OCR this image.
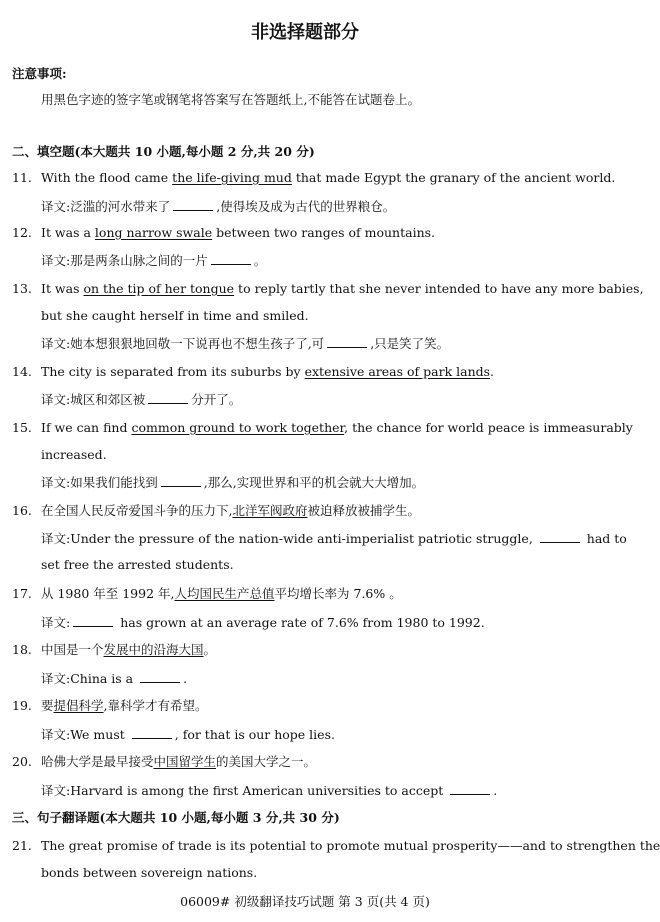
非选择题部分
注意事项:
用黑色字迹的签字笔或钢笔将答案写在答题纸上,不能答在试题卷上。
二、填空题(本大题共 10 小题,每小题 2 分,共 20 分)
11. With the flood came the life-giving mud that made Egypt the granary of the ancient world.
译文:泛滥的河水带来了	,使得埃及成为古代的世界粮仓。
12. It was a long narrow swale between two ranges of mountains.
译文:那是两条山脉之间的一片	。
13. It was on the tip of her tongue to reply tartly that she never intended to have any more babies,
but she caught herself in time and smiled.
译文:她本想狠狠地回敬一下说再也不想生孩子了,可	,只是笑了笑。
14. The city is separated from its suburbs by extensive areas of park lands.
译文:城区和郊区被	分开了。
15. If we can find common ground to work together, the chance for world peace is immeasurably
increased.
译文:如果我们能找到	,那么,实现世界和平的机会就大大增加。
16. 在全国人民反帝爱国斗争的压力下,北洋军阀政府被迫释放被捕学生。
译文:Under the pressure of the nation-wide anti-imperialist patriotic struggle,	had to
set free the arrested students.
17. 从 1980 年至 1992 年,人均国民生产总值平均增长率为 7.6% 。
译文:	has grown at an average rate of 7.6% from 1980 to 1992.
18. 中国是一个发展中的沿海大国。
译文:China is a	.
19. 要提倡科学,靠科学才有希望。
译文:We must	, for that is our hope lies.
20. 哈佛大学是最早接受中国留学生的美国大学之一。
译文:Harvard is among the first American universities to accept	.
三、句子翻译题(本大题共 10 小题,每小题 3 分,共 30 分)
21. The great promise of trade is its potential to promote mutual prosperity——and to strengthen the
bonds between sovereign nations.
06009# 初级翻译技巧试题 第 3 页(共 4 页)
